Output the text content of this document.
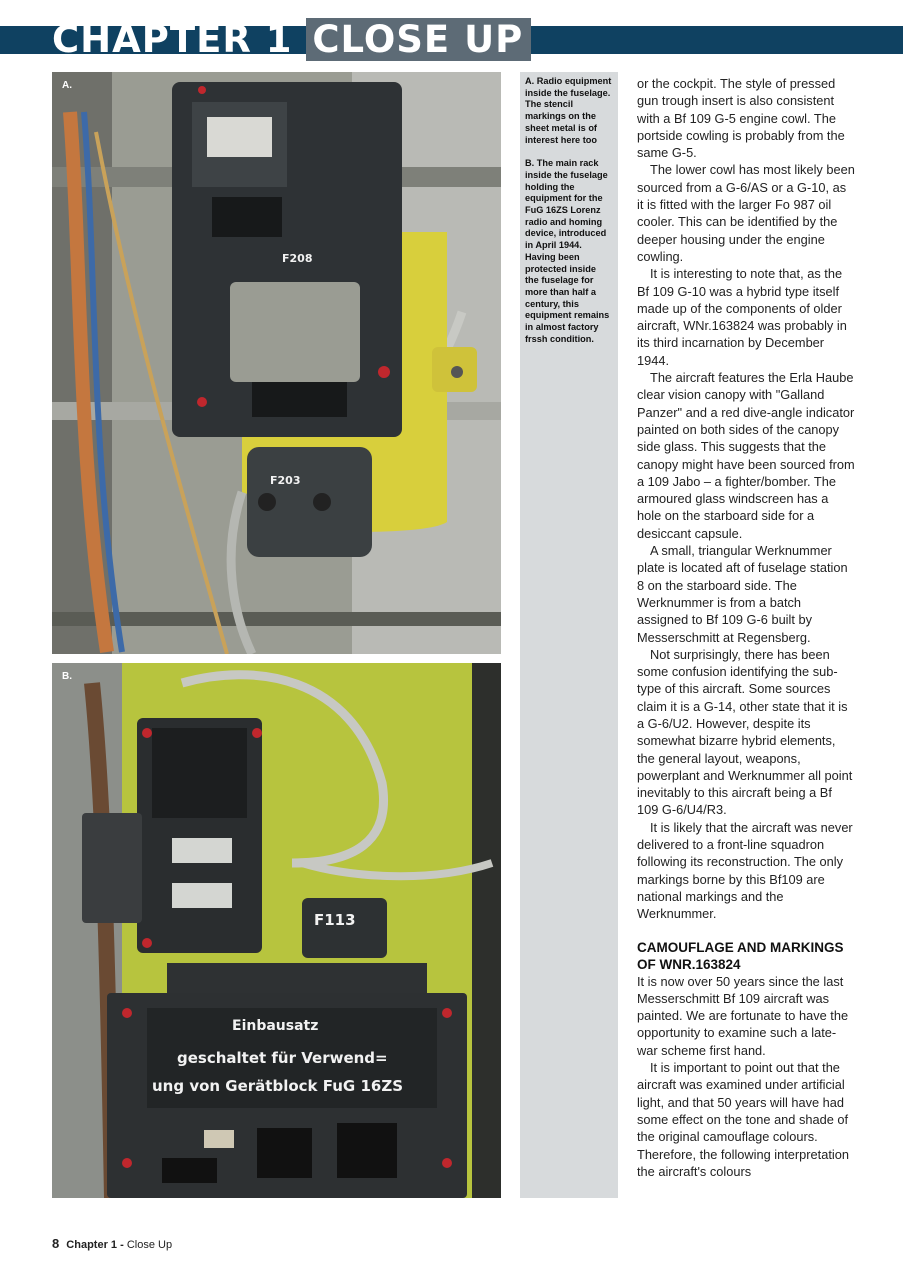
CHAPTER 1 CLOSE UP
F203
F208
A.
F113
Einbausatz
geschaltet für Verwend=
ung von Gerätblock FuG 16ZS
B.

A. Radio equipment inside the fuselage. The stencil markings on the sheet metal is of interest here too

B. The main rack inside the fuselage holding the equipment for the FuG 16ZS Lorenz radio and homing device, introduced in April 1944. Having been protected inside the fuselage for more than half a century, this equipment remains in almost factory frssh condition.

or the cockpit. The style of pressed gun trough insert is also consistent with a Bf 109 G-5 engine cowl. The portside cowling is probably from the same G-5.

The lower cowl has most likely been sourced from a G-6/AS or a G-10, as it is fitted with the larger Fo 987 oil cooler. This can be identified by the deeper housing under the engine cowling.

It is interesting to note that, as the Bf 109 G-10 was a hybrid type itself made up of the components of older aircraft, WNr.163824 was probably in its third incarnation by December 1944.

The aircraft features the Erla Haube clear vision canopy with "Galland Panzer" and a red dive-angle indicator painted on both sides of the canopy side glass. This suggests that the canopy might have been sourced from a 109 Jabo – a fighter/bomber. The armoured glass windscreen has a hole on the starboard side for a desiccant capsule.

A small, triangular Werknummer plate is located aft of fuselage station 8 on the starboard side. The Werknummer is from a batch assigned to Bf 109 G-6 built by Messerschmitt at Regensberg.

Not surprisingly, there has been some confusion identifying the sub-type of this aircraft. Some sources claim it is a G-14, other state that it is a G-6/U2. However, despite its somewhat bizarre hybrid elements, the general layout, weapons, powerplant and Werknummer all point inevitably to this aircraft being a Bf 109 G-6/U4/R3.

It is likely that the aircraft was never delivered to a front-line squadron following its reconstruction. The only markings borne by this Bf109 are national markings and the Werknummer.

CAMOUFLAGE AND MARKINGS OF WNR.163824

It is now over 50 years since the last Messerschmitt Bf 109 aircraft was painted. We are fortunate to have the opportunity to examine such a late-war scheme first hand.

It is important to point out that the aircraft was examined under artificial light, and that 50 years will have had some effect on the tone and shade of the original camouflage colours. Therefore, the following interpretation the aircraft's colours

8 Chapter 1 - Close Up
